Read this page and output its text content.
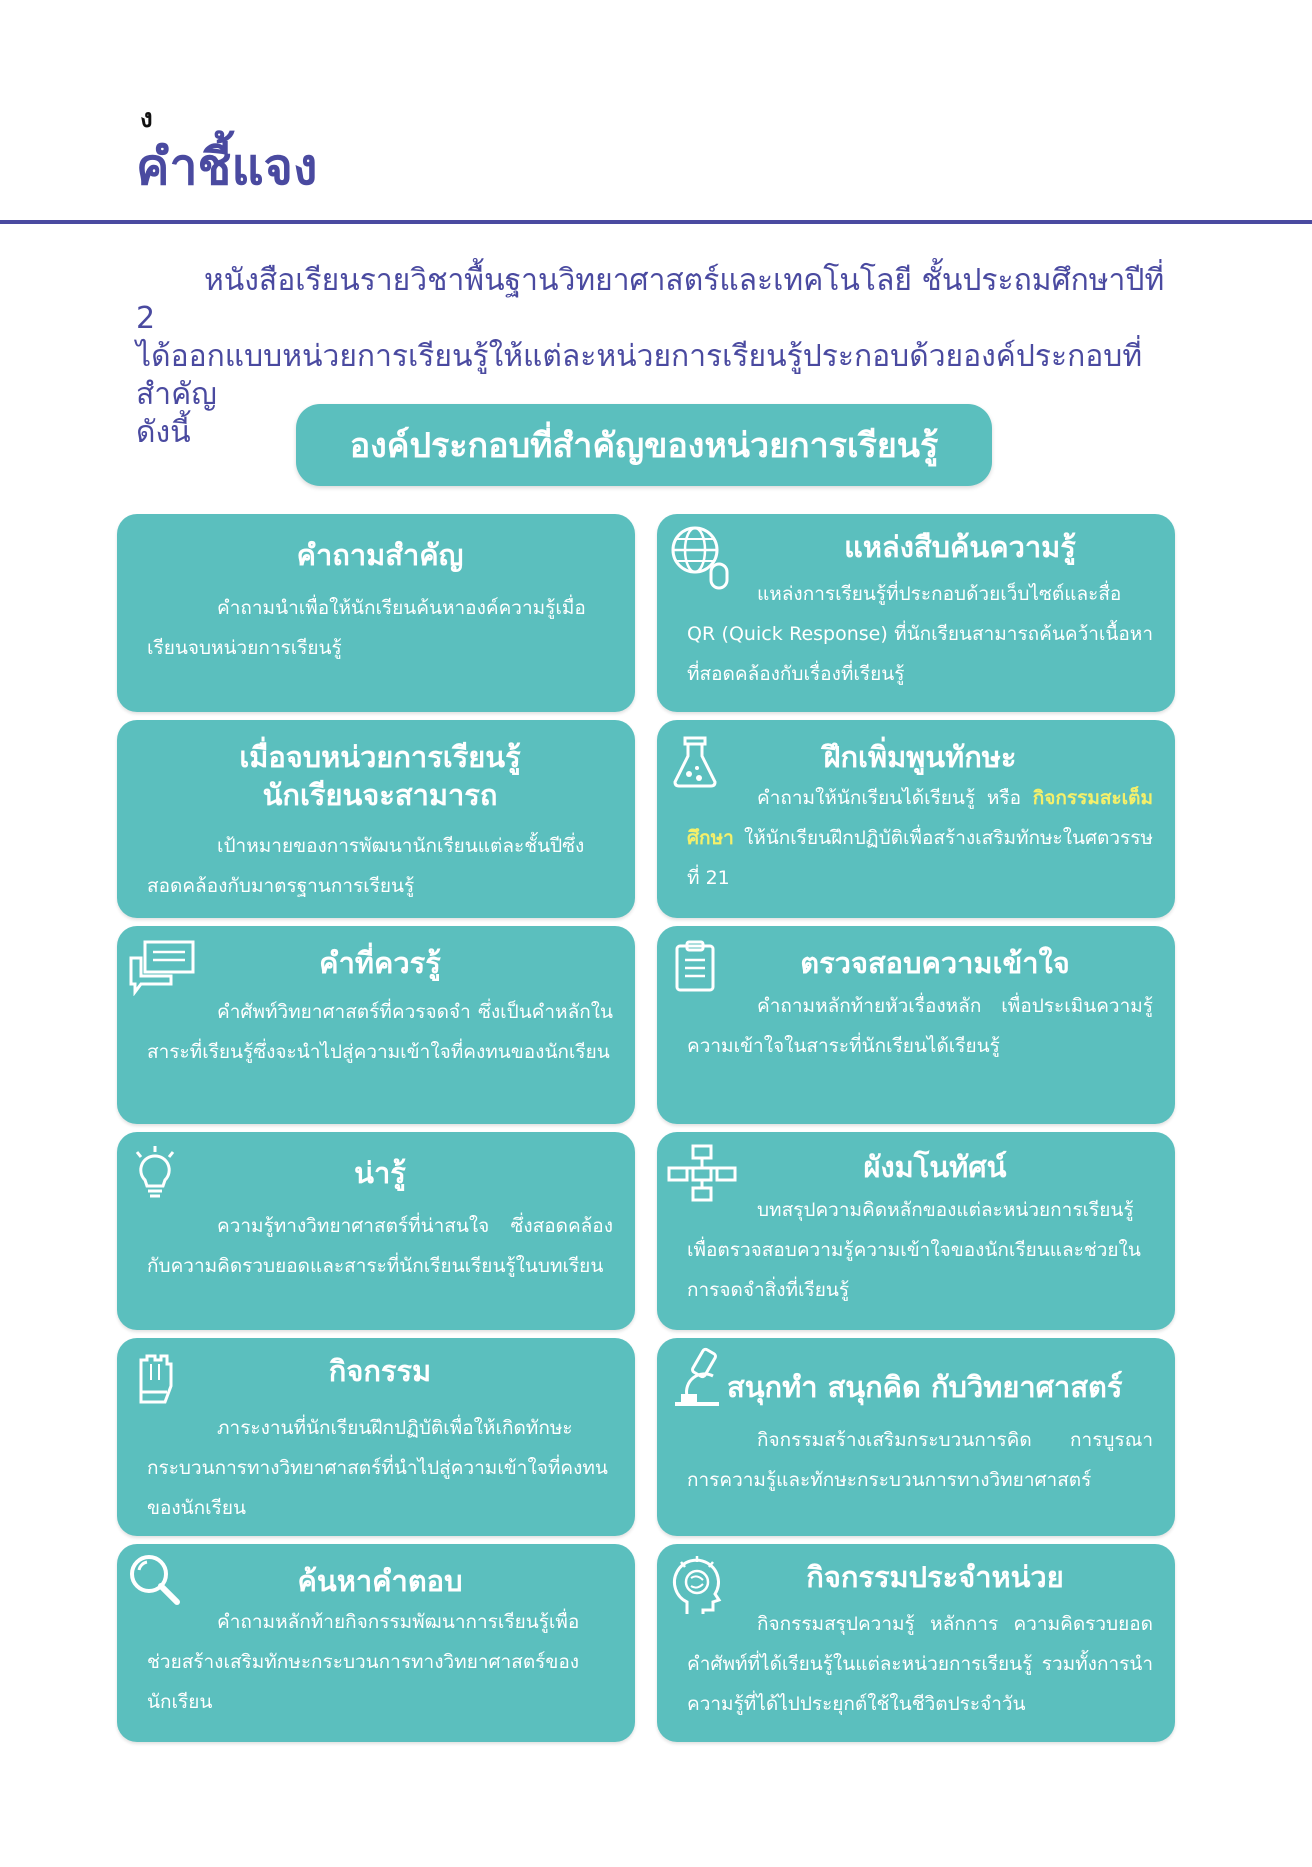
ง
คำชี้แจง
หนังสือเรียนรายวิชาพื้นฐานวิทยาศาสตร์และเทคโนโลยี ชั้นประถมศึกษาปีที่ 2
ได้ออกแบบหน่วยการเรียนรู้ให้แต่ละหน่วยการเรียนรู้ประกอบด้วยองค์ประกอบที่สำคัญ
ดังนี้	องค์ประกอบที่สำคัญของหน่วยการเรียนรู้

คำถามสำคัญ

คำถามนำเพื่อให้นักเรียนค้นหาองค์ความรู้เมื่อเรียนจบหน่วยการเรียนรู้

แหล่งสืบค้นความรู้

แหล่งการเรียนรู้ที่ประกอบด้วยเว็บไซต์และสื่อ QR (Quick Response) ที่นักเรียนสามารถค้นคว้าเนื้อหาที่สอดคล้องกับเรื่องที่เรียนรู้

เมื่อจบหน่วยการเรียนรู้

นักเรียนจะสามารถ

เป้าหมายของการพัฒนานักเรียนแต่ละชั้นปีซึ่งสอดคล้องกับมาตรฐานการเรียนรู้

ฝึกเพิ่มพูนทักษะ

คำถามให้นักเรียนได้เรียนรู้ หรือ กิจกรรมสะเต็มศึกษา ให้นักเรียนฝึกปฏิบัติเพื่อสร้างเสริมทักษะในศตวรรษที่ 21

คำที่ควรรู้

คำศัพท์วิทยาศาสตร์ที่ควรจดจำ ซึ่งเป็นคำหลักในสาระที่เรียนรู้ซึ่งจะนำไปสู่ความเข้าใจที่คงทนของนักเรียน

ตรวจสอบความเข้าใจ

คำถามหลักท้ายหัวเรื่องหลัก เพื่อประเมินความรู้ความเข้าใจในสาระที่นักเรียนได้เรียนรู้

น่ารู้

ความรู้ทางวิทยาศาสตร์ที่น่าสนใจ ซึ่งสอดคล้องกับความคิดรวบยอดและสาระที่นักเรียนเรียนรู้ในบทเรียน

ผังมโนทัศน์

บทสรุปความคิดหลักของแต่ละหน่วยการเรียนรู้เพื่อตรวจสอบความรู้ความเข้าใจของนักเรียนและช่วยในการจดจำสิ่งที่เรียนรู้

กิจกรรม

ภาระงานที่นักเรียนฝึกปฏิบัติเพื่อให้เกิดทักษะกระบวนการทางวิทยาศาสตร์ที่นำไปสู่ความเข้าใจที่คงทนของนักเรียน

สนุกทำ สนุกคิด กับวิทยาศาสตร์

กิจกรรมสร้างเสริมกระบวนการคิด การบูรณาการความรู้และทักษะกระบวนการทางวิทยาศาสตร์

ค้นหาคำตอบ

คำถามหลักท้ายกิจกรรมพัฒนาการเรียนรู้เพื่อช่วยสร้างเสริมทักษะกระบวนการทางวิทยาศาสตร์ของนักเรียน

กิจกรรมประจำหน่วย

กิจกรรมสรุปความรู้ หลักการ ความคิดรวบยอด คำศัพท์ที่ได้เรียนรู้ในแต่ละหน่วยการเรียนรู้ รวมทั้งการนำความรู้ที่ได้ไปประยุกต์ใช้ในชีวิตประจำวัน
